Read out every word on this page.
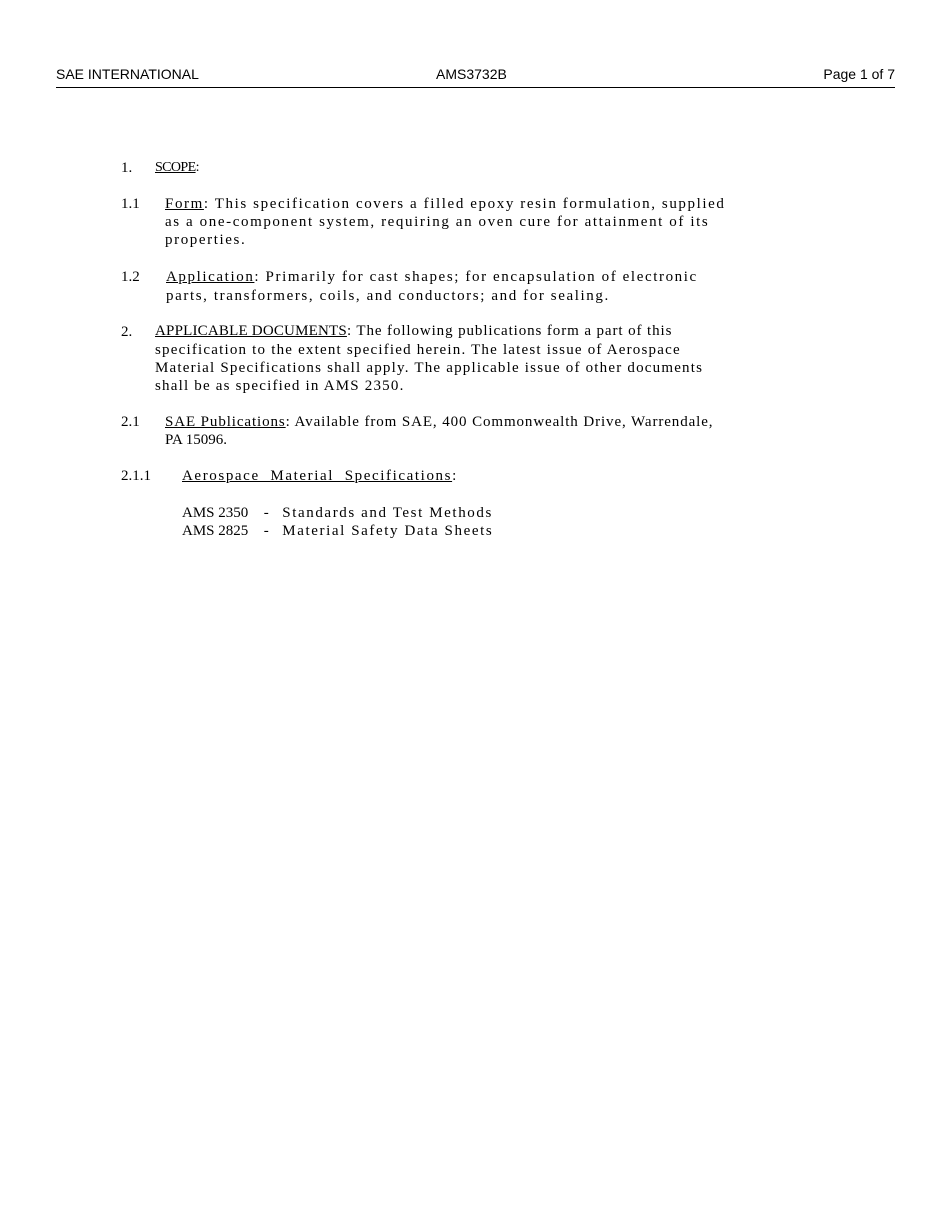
SAE INTERNATIONAL	AMS3732B	Page 1 of 7
1. SCOPE:
1.1 Form: This specification covers a filled epoxy resin formulation, supplied
as a one-component system, requiring an oven cure for attainment of its
properties.
1.2 Application: Primarily for cast shapes; for encapsulation of electronic
parts, transformers, coils, and conductors; and for sealing.
2. APPLICABLE DOCUMENTS: The following publications form a part of this
specification to the extent specified herein. The latest issue of Aerospace
Material Specifications shall apply. The applicable issue of other documents
shall be as specified in AMS 2350.
2.1 SAE Publications: Available from SAE, 400 Commonwealth Drive, Warrendale,
PA 15096.
2.1.1 Aerospace  Material  Specifications:
AMS 2350 - Standards and Test Methods
AMS 2825 - Material Safety Data Sheets
